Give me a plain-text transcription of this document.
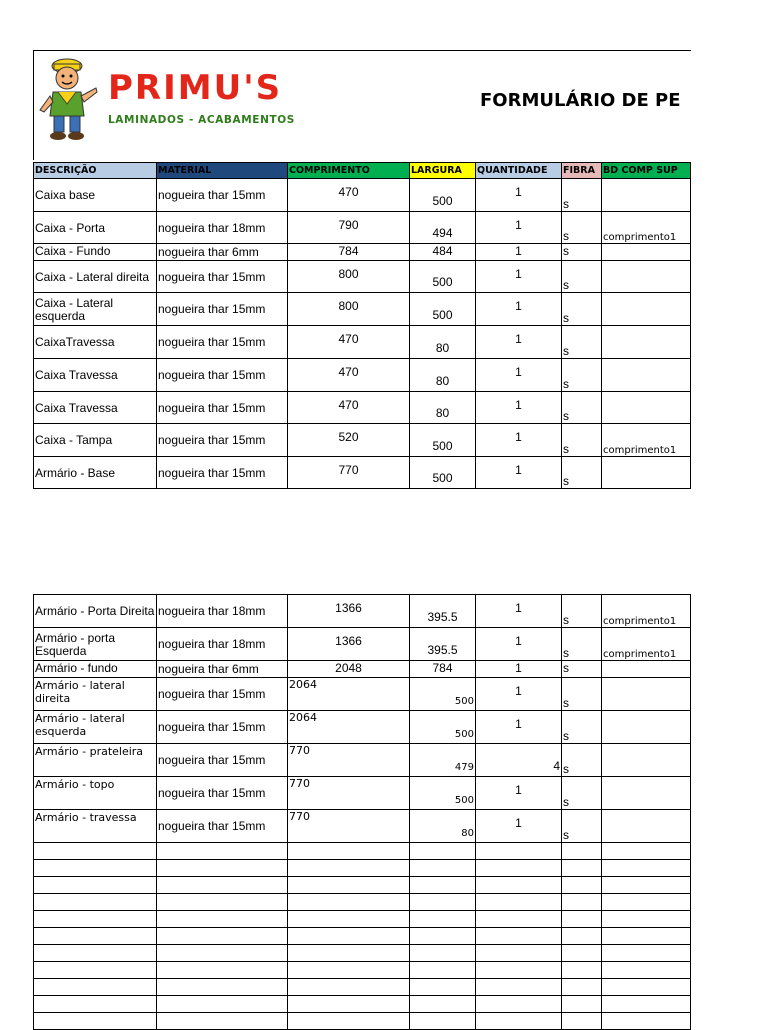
PRIMU'S
LAMINADOS - ACABAMENTOS
FORMULÁRIO DE PE
DESCRIÇÃO	MATERIAL	COMPRIMENTO	LARGURA	QUANTIDADE	FIBRA	BD COMP SUP
Caixa base	nogueira thar 15mm	470	500	1	s	
Caixa - Porta	nogueira thar 18mm	790	494	1	s	comprimento1
Caixa - Fundo	nogueira thar 6mm	784	484	1	s	
Caixa - Lateral direita	nogueira thar 15mm	800	500	1	s	
Caixa - Lateral esquerda	nogueira thar 15mm	800	500	1	s	
CaixaTravessa	nogueira thar 15mm	470	80	1	s	
Caixa Travessa	nogueira thar 15mm	470	80	1	s	
Caixa Travessa	nogueira thar 15mm	470	80	1	s	
Caixa - Tampa	nogueira thar 15mm	520	500	1	s	comprimento1
Armário - Base	nogueira thar 15mm	770	500	1	s	
Armário - Porta Direita	nogueira thar 18mm	1366	395.5	1	s	comprimento1
Armário - porta Esquerda	nogueira thar 18mm	1366	395.5	1	s	comprimento1
Armário - fundo	nogueira thar 6mm	2048	784	1	s	
Armário - lateral direita	nogueira thar 15mm	2064	500	1	s	
Armário - lateral esquerda	nogueira thar 15mm	2064	500	1	s	
Armário - prateleira	nogueira thar 15mm	770	479	4	s	
Armário - topo	nogueira thar 15mm	770	500	1	s	
Armário - travessa	nogueira thar 15mm	770	80	1	s	
